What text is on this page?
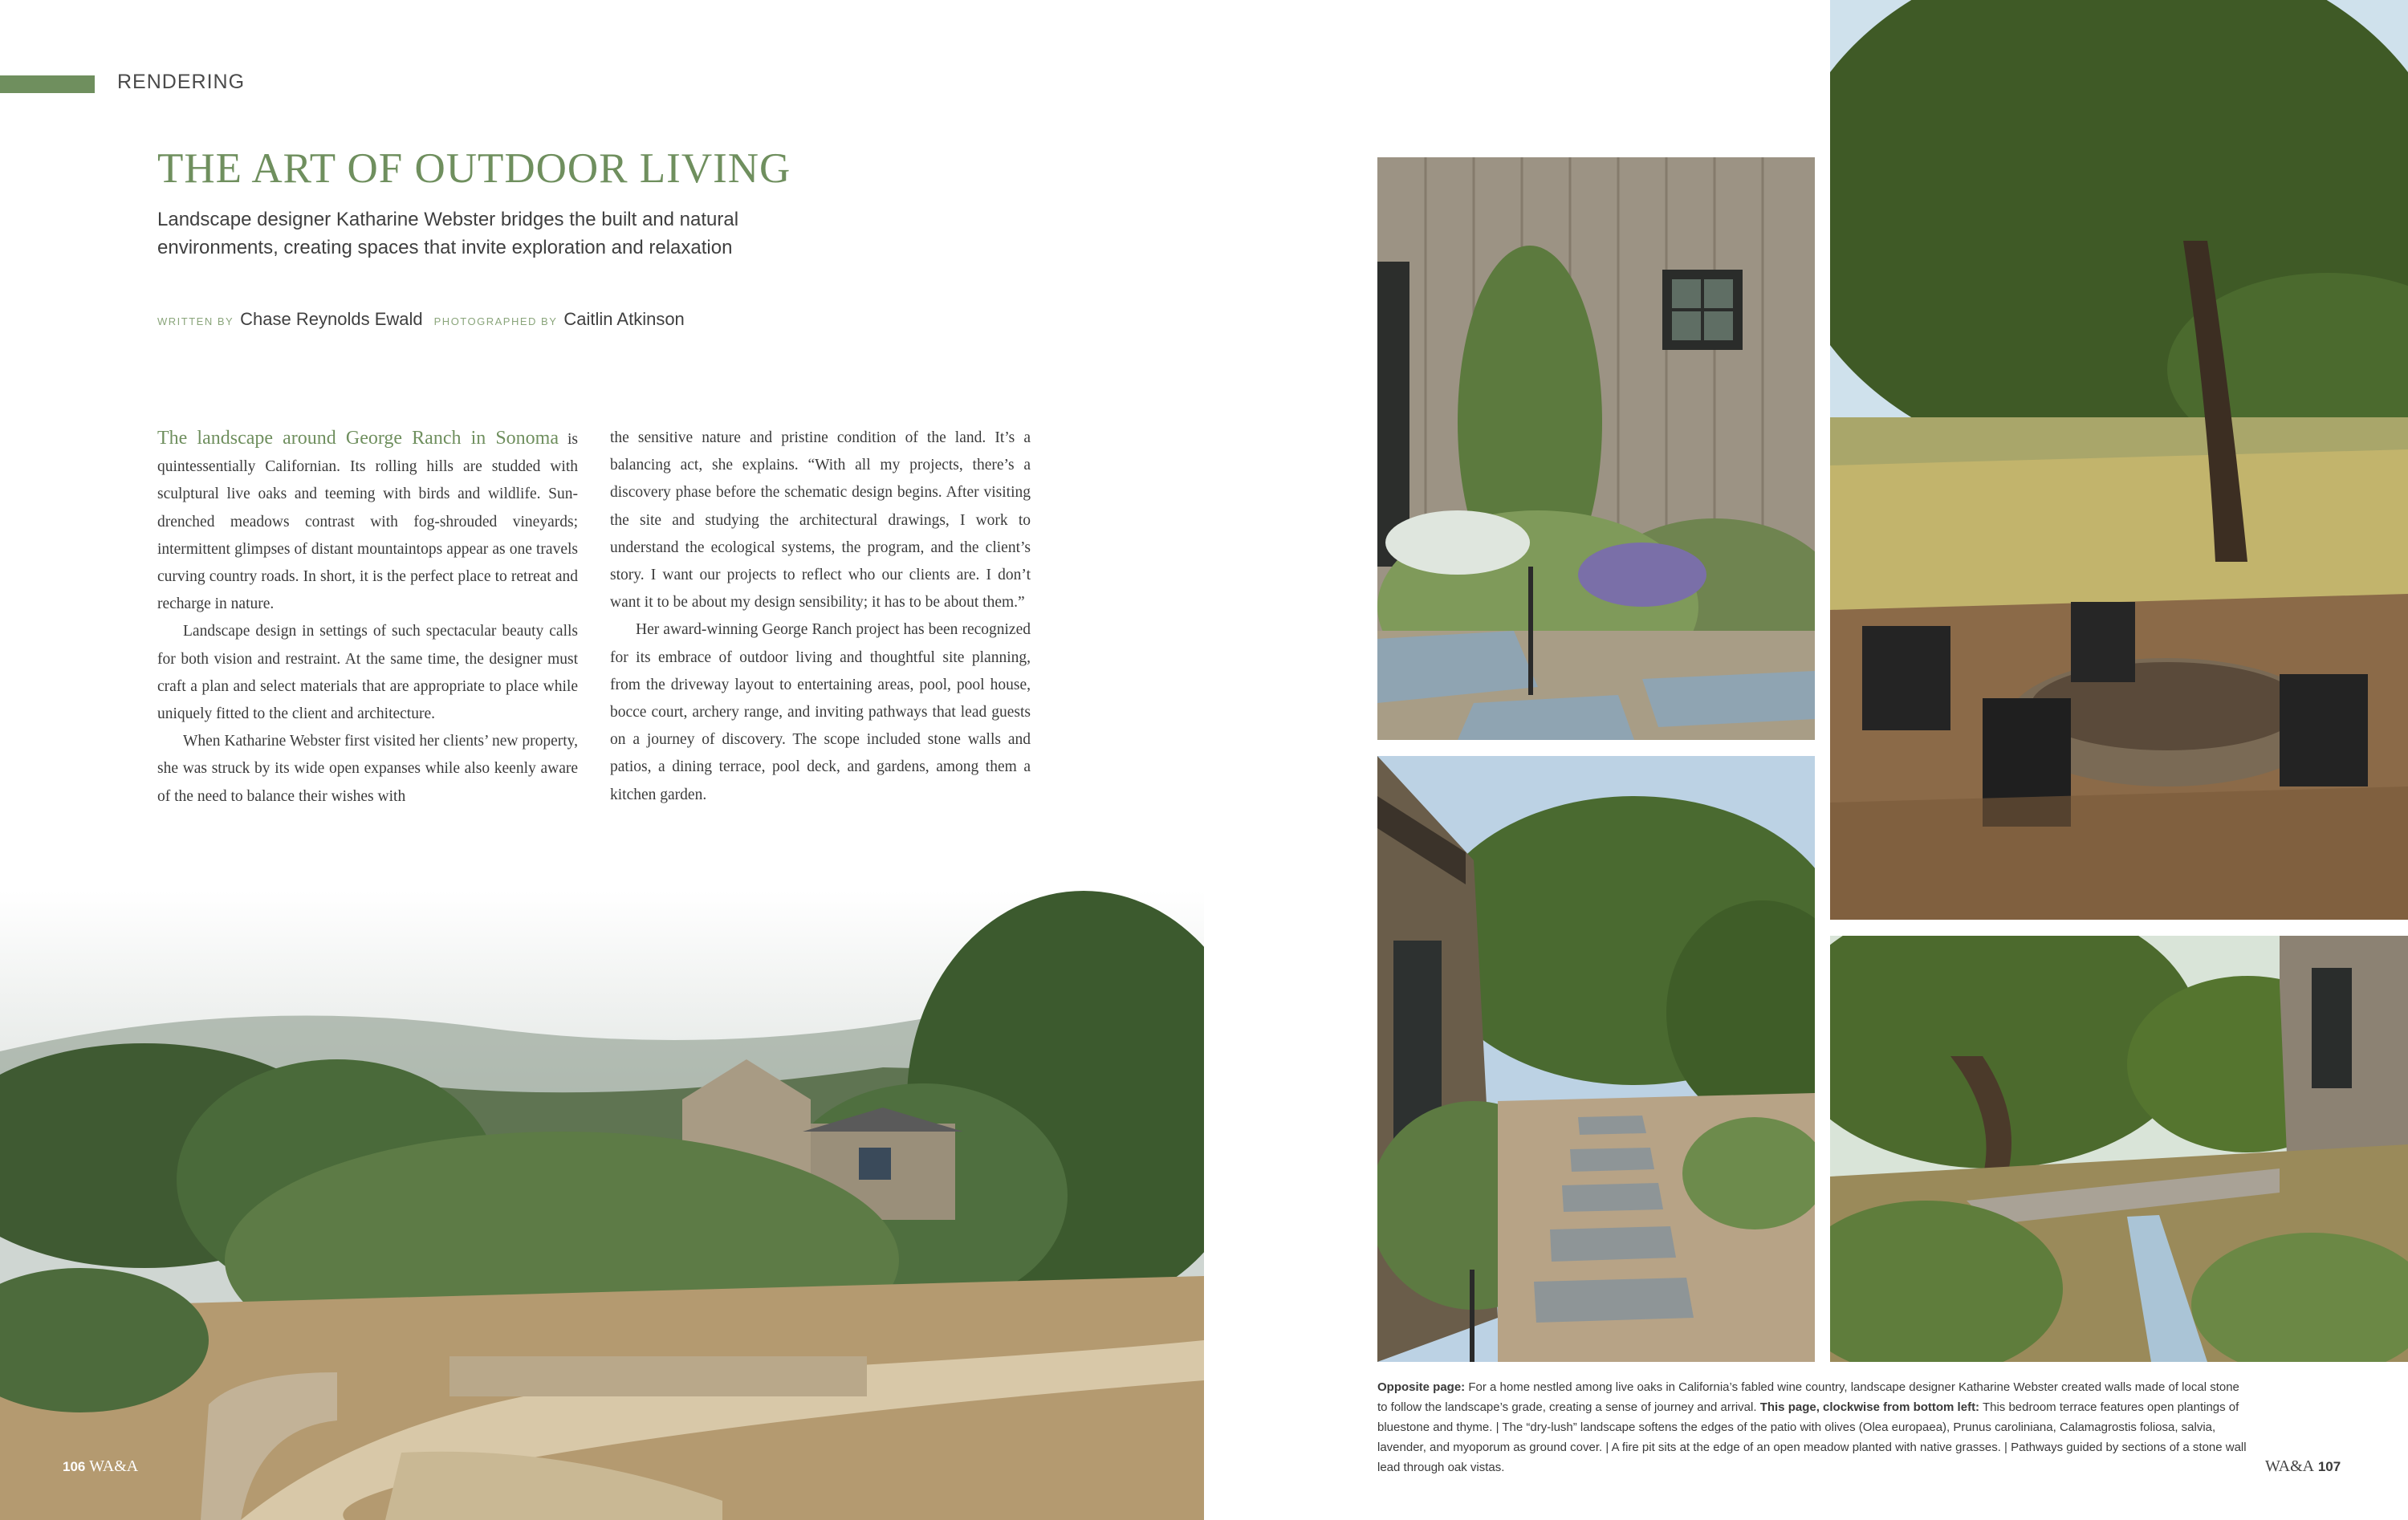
RENDERING
THE ART OF OUTDOOR LIVING

Landscape designer Katharine Webster bridges the built and natural environments, creating spaces that invite exploration and relaxation

WRITTEN BY Chase Reynolds Ewald PHOTOGRAPHED BY Caitlin Atkinson

The landscape around George Ranch in Sonoma is quintessentially Californian. Its rolling hills are studded with sculptural live oaks and teeming with birds and wildlife. Sun-drenched meadows contrast with fog-shrouded vineyards; intermittent glimpses of distant mountaintops appear as one travels curving country roads. In short, it is the perfect place to retreat and recharge in nature.

Landscape design in settings of such spectacular beauty calls for both vision and restraint. At the same time, the designer must craft a plan and select materials that are appropriate to place while uniquely fitted to the client and architecture.

When Katharine Webster first visited her clients’ new property, she was struck by its wide open expanses while also keenly aware of the need to balance their wishes with

the sensitive nature and pristine condition of the land. It’s a balancing act, she explains. “With all my projects, there’s a discovery phase before the schematic design begins. After visiting the site and studying the architectural drawings, I work to understand the ecological systems, the program, and the client’s story. I want our projects to reflect who our clients are. I don’t want it to be about my design sensibility; it has to be about them.”

Her award-winning George Ranch project has been recognized for its embrace of outdoor living and thoughtful site planning, from the driveway layout to entertaining areas, pool, pool house, bocce court, archery range, and inviting pathways that lead guests on a journey of discovery. The scope included stone walls and patios, a dining terrace, pool deck, and gardens, among them a kitchen garden.

Opposite page: For a home nestled among live oaks in California’s fabled wine country, landscape designer Katharine Webster created walls made of local stone to follow the landscape’s grade, creating a sense of journey and arrival. This page, clockwise from bottom left: This bedroom terrace features open plantings of bluestone and thyme. | The “dry-lush” landscape softens the edges of the patio with olives (Olea europaea), Prunus caroliniana, Calamagrostis foliosa, salvia, lavender, and myoporum as ground cover. | A fire pit sits at the edge of an open meadow planted with native grasses. | Pathways guided by sections of a stone wall lead through oak vistas.
106 WA&A	WA&A 107
